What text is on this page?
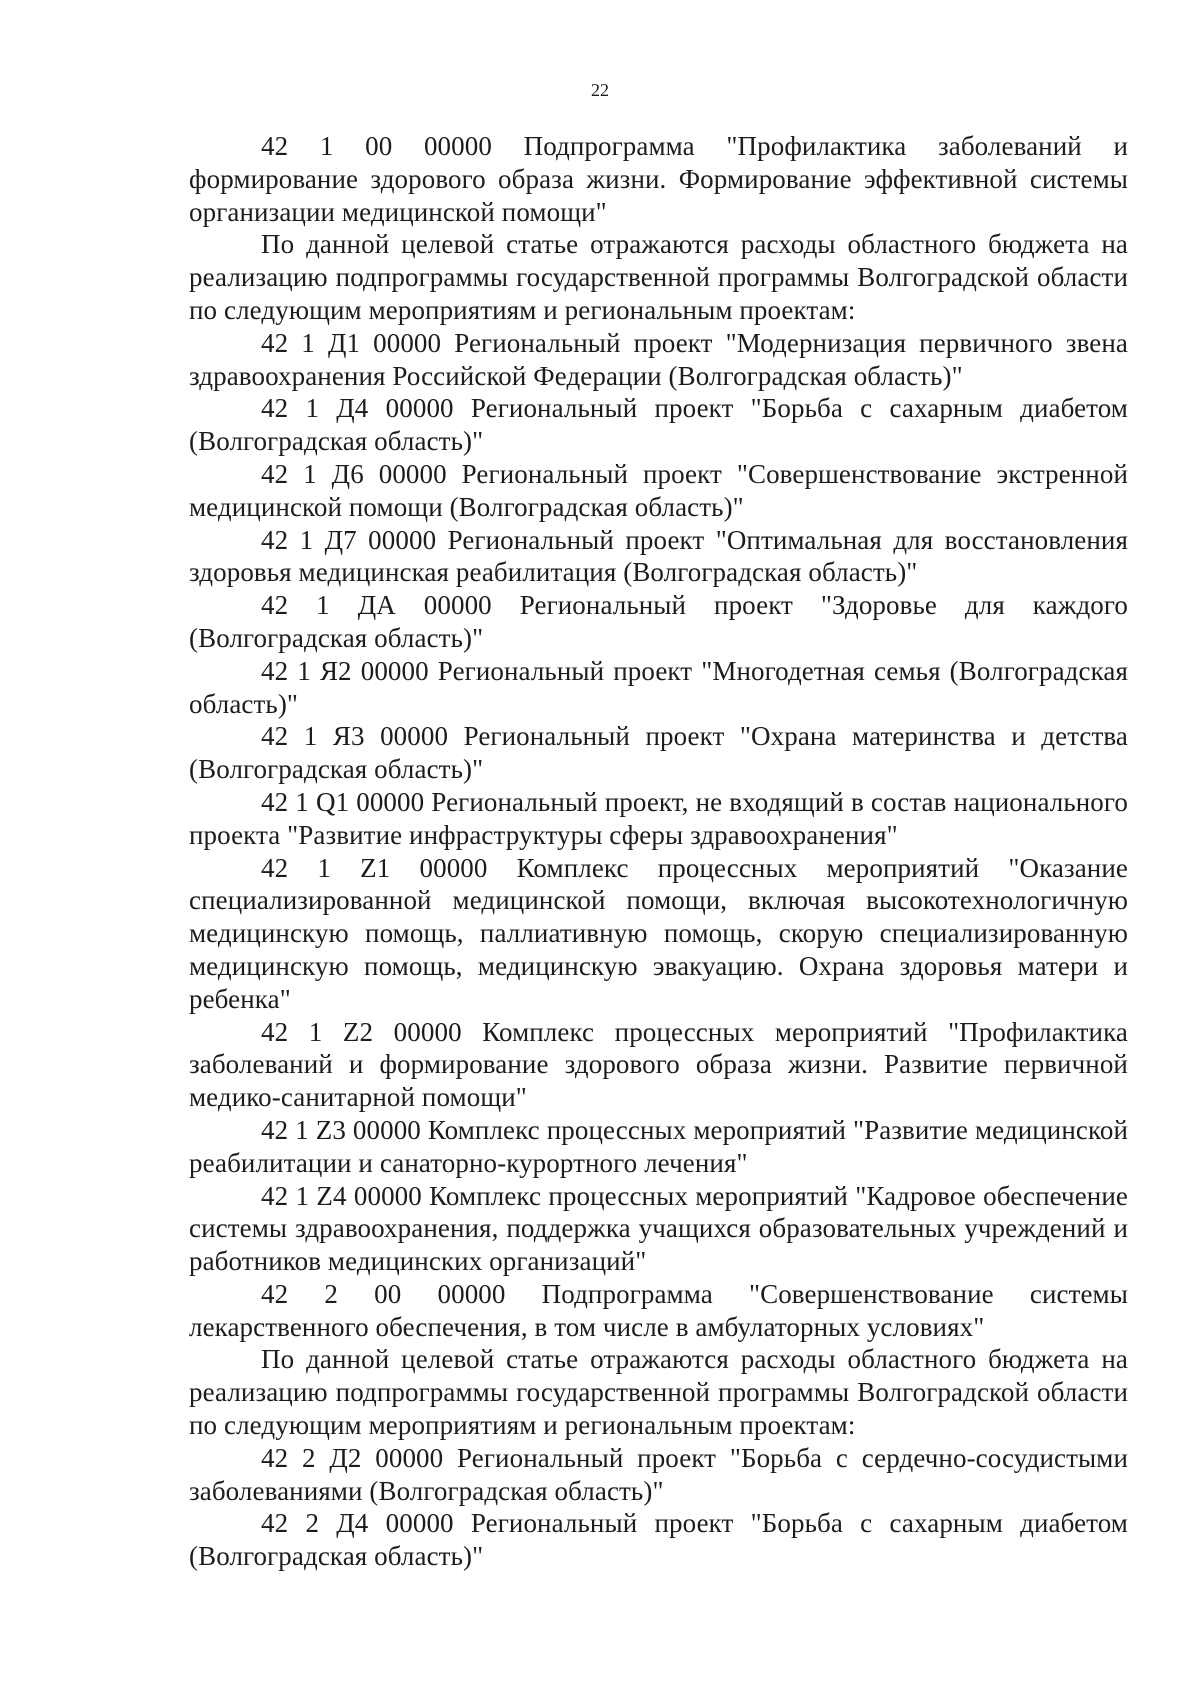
22

42 1 00 00000 Подпрограмма "Профилактика заболеваний и формирование здорового образа жизни. Формирование эффективной системы организации медицинской помощи"

По данной целевой статье отражаются расходы областного бюджета на реализацию подпрограммы государственной программы Волгоградской области по следующим мероприятиям и региональным проектам:

42 1 Д1 00000 Региональный проект "Модернизация первичного звена здравоохранения Российской Федерации (Волгоградская область)"

42 1 Д4 00000 Региональный проект "Борьба с сахарным диабетом (Волгоградская область)"

42 1 Д6 00000 Региональный проект "Совершенствование экстренной медицинской помощи (Волгоградская область)"

42 1 Д7 00000 Региональный проект "Оптимальная для восстановления здоровья медицинская реабилитация (Волгоградская область)"

42 1 ДА 00000 Региональный проект "Здоровье для каждого (Волгоградская область)"

42 1 Я2 00000 Региональный проект "Многодетная семья (Волгоградская область)"

42 1 Я3 00000 Региональный проект "Охрана материнства и детства (Волгоградская область)"

42 1 Q1 00000 Региональный проект, не входящий в состав национального проекта "Развитие инфраструктуры сферы здравоохранения"

42 1 Z1 00000 Комплекс процессных мероприятий "Оказание специализированной медицинской помощи, включая высокотехнологичную медицинскую помощь, паллиативную помощь, скорую специализированную медицинскую помощь, медицинскую эвакуацию. Охрана здоровья матери и ребенка"

42 1 Z2 00000 Комплекс процессных мероприятий "Профилактика заболеваний и формирование здорового образа жизни. Развитие первичной медико-санитарной помощи"

42 1 Z3 00000 Комплекс процессных мероприятий "Развитие медицинской реабилитации и санаторно-курортного лечения"

42 1 Z4 00000 Комплекс процессных мероприятий "Кадровое обеспечение системы здравоохранения, поддержка учащихся образовательных учреждений и работников медицинских организаций"

42 2 00 00000 Подпрограмма "Совершенствование системы лекарственного обеспечения, в том числе в амбулаторных условиях"

По данной целевой статье отражаются расходы областного бюджета на реализацию подпрограммы государственной программы Волгоградской области по следующим мероприятиям и региональным проектам:

42 2 Д2 00000 Региональный проект "Борьба с сердечно-сосудистыми заболеваниями (Волгоградская область)"

42 2 Д4 00000 Региональный проект "Борьба с сахарным диабетом (Волгоградская область)"
